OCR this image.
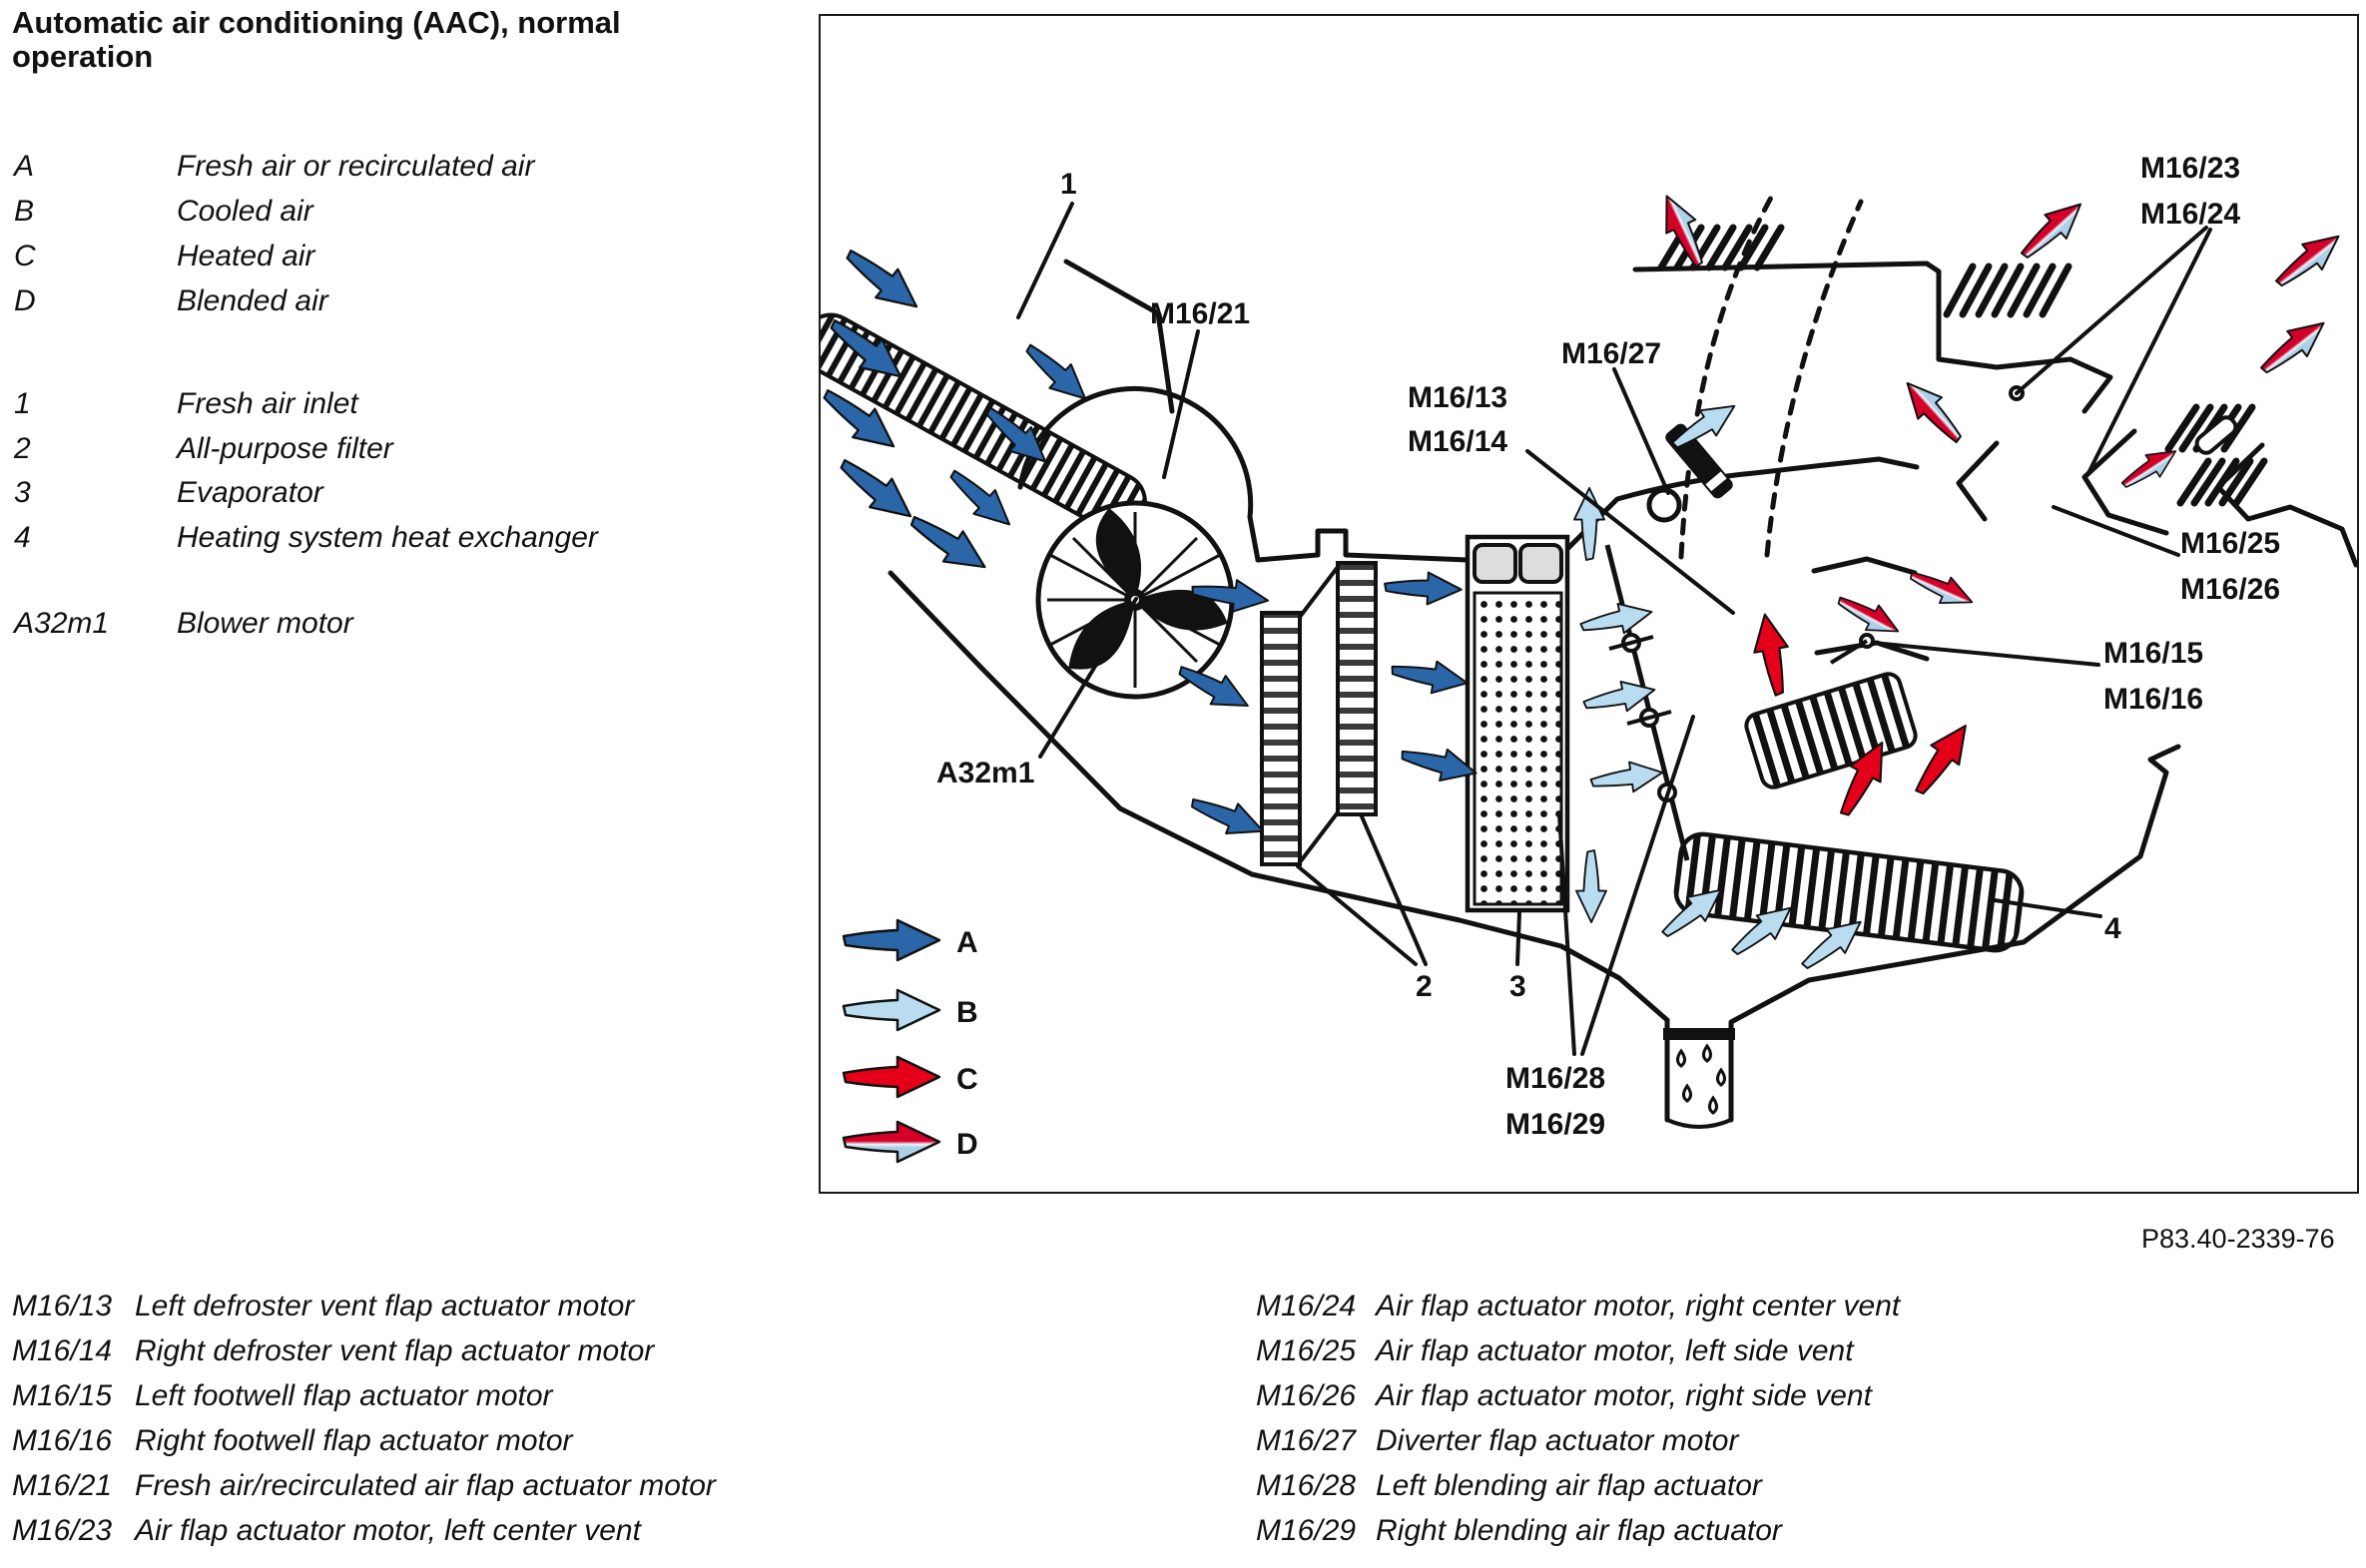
Automatic air conditioning (AAC), normal
operation
A	Fresh air or recirculated air
B	Cooled air
C	Heated air
D	Blended air
1	Fresh air inlet
2	All-purpose filter
3	Evaporator
4	Heating system heat exchanger
A32m1 Blower motor
1
M16/21
A32m1
M16/13
M16/14
M16/27
M16/23
M16/24
M16/25
M16/26
M16/15
M16/16
M16/28
M16/29
2	3
4
A
B
C
D
P83.40-2339-76
M16/13 Left defroster vent flap actuator motor
M16/14 Right defroster vent flap actuator motor
M16/15 Left footwell flap actuator motor
M16/16 Right footwell flap actuator motor
M16/21 Fresh air/recirculated air flap actuator motor
M16/23 Air flap actuator motor, left center vent
M16/24 Air flap actuator motor, right center vent
M16/25 Air flap actuator motor, left side vent
M16/26 Air flap actuator motor, right side vent
M16/27 Diverter flap actuator motor
M16/28 Left blending air flap actuator
M16/29 Right blending air flap actuator
